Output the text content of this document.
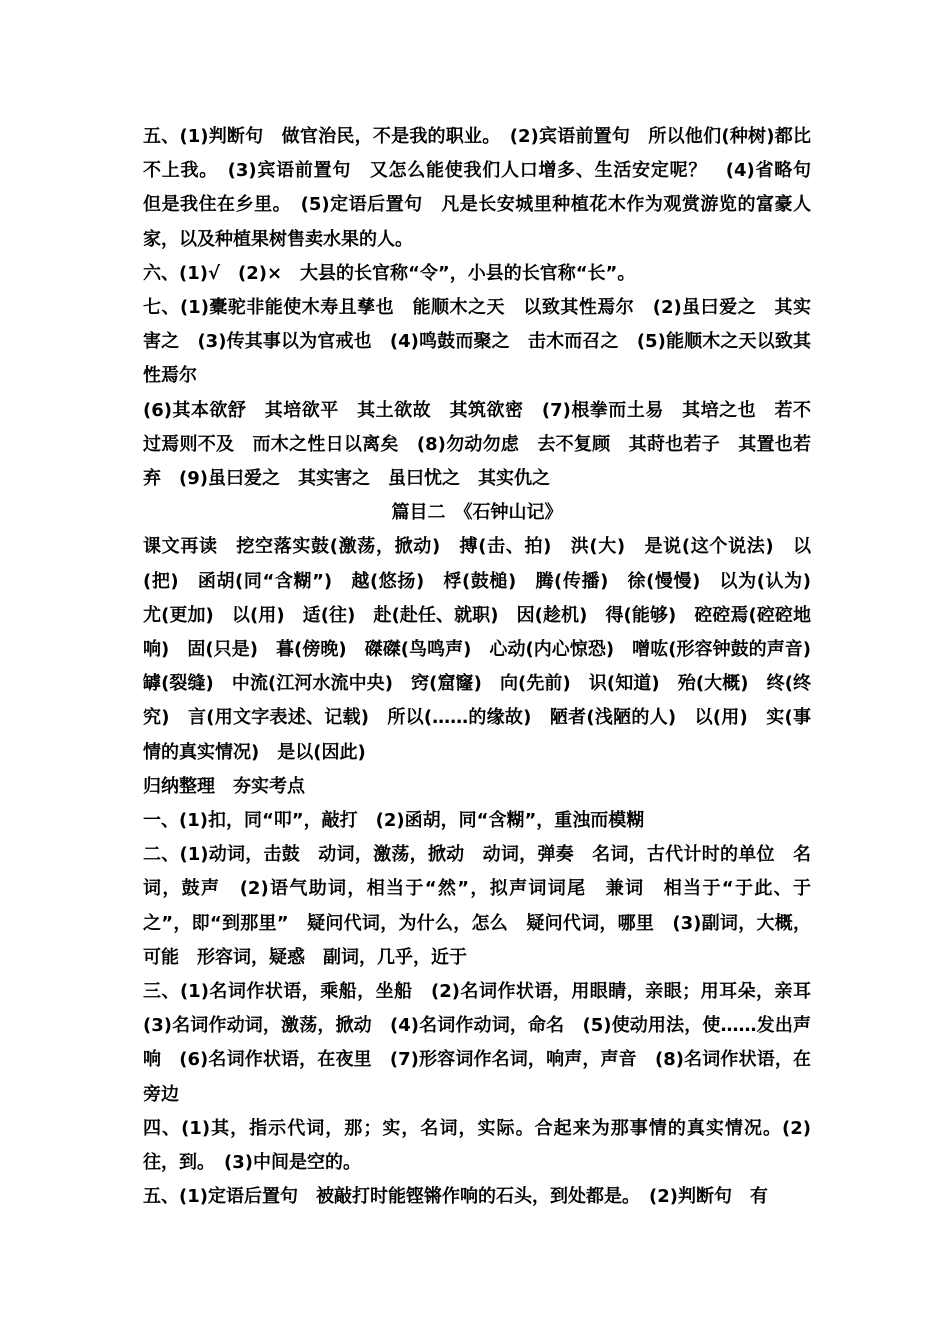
五、(1)判断句　做官治民，不是我的职业。　(2)宾语前置句　所以他们(种树)都比不上我。　(3)宾语前置句　又怎么能使我们人口增多、生活安定呢？　(4)省略句　但是我住在乡里。　(5)定语后置句　凡是长安城里种植花木作为观赏游览的富豪人家，以及种植果树售卖水果的人。

六、(1)√　(2)×　大县的长官称“令”，小县的长官称“长”。

七、(1)橐驼非能使木寿且孳也　能顺木之天　以致其性焉尔　(2)虽曰爱之　其实害之　(3)传其事以为官戒也　(4)鸣鼓而聚之　击木而召之　(5)能顺木之天以致其性焉尔

(6)其本欲舒　其培欲平　其土欲故　其筑欲密　(7)根拳而土易　其培之也　若不过焉则不及　而木之性日以离矣　(8)勿动勿虑　去不复顾　其莳也若子　其置也若弃　(9)虽曰爱之　其实害之　虽曰忧之　其实仇之

篇目二　《石钟山记》

课文再读　挖空落实鼓(激荡，掀动)　搏(击、拍)　洪(大)　是说(这个说法)　以(把)　函胡(同“含糊”)　越(悠扬)　桴(鼓槌)　腾(传播)　徐(慢慢)　以为(认为)　尤(更加)　以(用)　适(往)　赴(赴任、就职)　因(趁机)　得(能够)　硿硿焉(硿硿地响)　固(只是)　暮(傍晚)　磔磔(鸟鸣声)　心动(内心惊恐)　噌吰(形容钟鼓的声音)　罅(裂缝)　中流(江河水流中央)　窍(窟窿)　向(先前)　识(知道)　殆(大概)　终(终究)　言(用文字表述、记载)　所以(……的缘故)　陋者(浅陋的人)　以(用)　实(事情的真实情况)　是以(因此)

归纳整理　夯实考点

一、(1)扣，同“叩”，敲打　(2)函胡，同“含糊”，重浊而模糊

二、(1)动词，击鼓　动词，激荡，掀动　动词，弹奏　名词，古代计时的单位　名词，鼓声　(2)语气助词，相当于“然”，拟声词词尾　兼词　相当于“于此、于之”，即“到那里”　疑问代词，为什么，怎么　疑问代词，哪里　(3)副词，大概，可能　形容词，疑惑　副词，几乎，近于

三、(1)名词作状语，乘船，坐船　(2)名词作状语，用眼睛，亲眼；用耳朵，亲耳　(3)名词作动词，激荡，掀动　(4)名词作动词，命名　(5)使动用法，使……发出声响　(6)名词作状语，在夜里　(7)形容词作名词，响声，声音　(8)名词作状语，在旁边

四、(1)其，指示代词，那；实，名词，实际。合起来为那事情的真实情况。(2)往，到。　(3)中间是空的。

五、(1)定语后置句　被敲打时能铿锵作响的石头，到处都是。　(2)判断句　有
